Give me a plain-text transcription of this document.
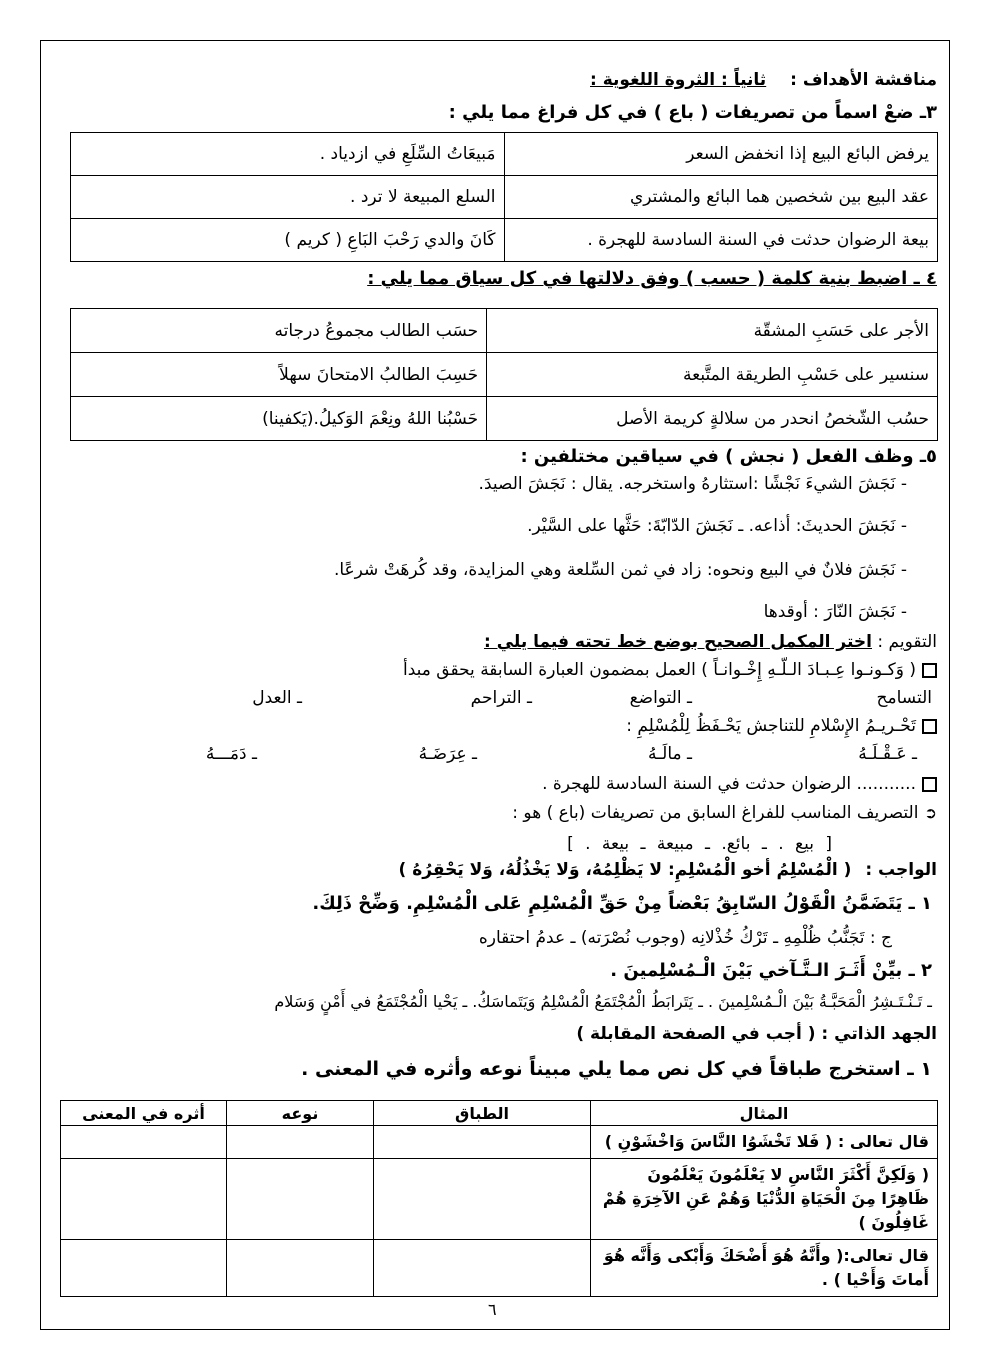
مناقشة الأهداف : ثانياً : الثروة اللغوية :
٣ـ ضعْ اسماً من تصريفات ( باع ) في كل فراغ مما يلي :
يرفض البائع البيع إذا انخفض السعر	مَبيعَاتُ السِّلَعِ في ازدياد .
عقد البيع بين شخصين هما البائع والمشتري	السلع المبيعة لا ترد .
بيعة الرضوان حدثت في السنة السادسة للهجرة .	كَانَ والدي رَحْبَ البَاعِ ( كريم )
٤ ـ اضبط بنية كلمة ( حسب ) وفق دلالتها في كل سياق مما يلي :
الأجر على حَسَبِ المشقّة	حسَب الطالب مجموعُ درجاته
سنسير على حَسْبِ الطريقة المتَّبعة	حَسِبَ الطالبُ الامتحانَ سهلاً
حسُب الشّخصُ انحدر من سلالةٍ كريمة الأصل	حَسْبُنا اللهُ ونِعْمَ الوَكيلُ.(يَكفينا)
٥ـ وظف الفعل ( نجش ) في سياقين مختلفين :
- نَجَشَ الشيءَ نَجْشًا :استثارهُ واستخرجه. يقال : نَجَشَ الصيدَ.
- نَجَشَ الحديثَ: أذاعه. ـ نَجَشَ الدّابّةَ: حَثَّها على السَّيْر.
- نَجَشَ فلانٌ في البيع ونحوه: زاد في ثمن السِّلعة وهي المزايدة، وقد كُرهَتْ شرعًا.
- نَجَشَ النّارَ : أوقدها
التقويم : اختر المكمل الصحيح بوضع خط تحته فيما يلي :
( وَكـونـوا عِـبـادَ الـلّـهِ إِخْـوانـاً ) العمل بمضمون العبارة السابقة يحقق مبدأ
التسامح
ـ التواضع
ـ التراحم
ـ العدل
تَحْـريـمُ الإِسْلامِ للتناجش يَحْـفَظُ لِلْمُسْلِمِ :
ـ عَـقْـلَـهُ
ـ مالَـهُ
ـ عِرَضَـهُ
ـ دَمَـــهُ
........... الرضوان حدثت في السنة السادسة للهجرة .
➲التصريف المناسب للفراغ السابق من تصريفات (باع ) هو :
[ بيع . ـ بائع. ـ مبيعة ـ بيعة . ]
الواجب : ( الْمُسْلِمُ أخو الْمُسْلِمِ: لا يَظْلِمُهُ، وَلا يَخْذُلُهُ، وَلا يَحْقِرُهُ )
١ ـ يَتَضَمَّنُ الْقَوْلُ السّابِقُ بَعْضاً مِنْ حَقِّ الْمُسْلِمِ عَلى الْمُسْلِمِ. وَضِّحْ ذَلِكَ.
ج : تَجَنُّبُ ظُلْمِهِ ـ تَرْكُ خُذْلانِه (وجوب نُصْرَته) ـ عدمُ احتقاره
٢ ـ بيِّنْ أَثَـرَ الـتَّـآخي بَيْنَ الْـمُسْلِمينَ .
ـ تَـنْـتَـشِرُ الْمَحَبَّـةُ بَيْنَ الْـمُسْلِمينَ . ـ يَتَرابَطُ الْمُجْتَمَعُ الْمُسْلِمُ وَيَتَماسَكُ. ـ يَحْيا الْمُجْتَمَعُ في أَمْنٍ وَسَلام
الجهد الذاتي : ( أجب في الصفحة المقابلة )
١ ـ استخرج طباقاً في كل نص مما يلي مبيناً نوعه وأثره في المعنى .
المثال	الطباق	نوعه	أثره في المعنى
قال تعالى : ( فَلا تَخْشَوُا النَّاسَ وَاخْشَوْنِ )			
( وَلَكِنَّ أَكْثَرَ النَّاسِ لا يَعْلَمُونَ يَعْلَمُونَ ظَاهِرًا مِنَ الْحَيَاةِ الدُّنْيَا وَهُمْ عَنِ الآخِرَةِ هُمْ غَافِلُونَ )			
قال تعالى:( وأَنَّهُ هُوَ أَضْحَكَ وَأَبْكى وَأَنَّه هُوَ أَماتَ وَأَحْيا ) .			
٦
